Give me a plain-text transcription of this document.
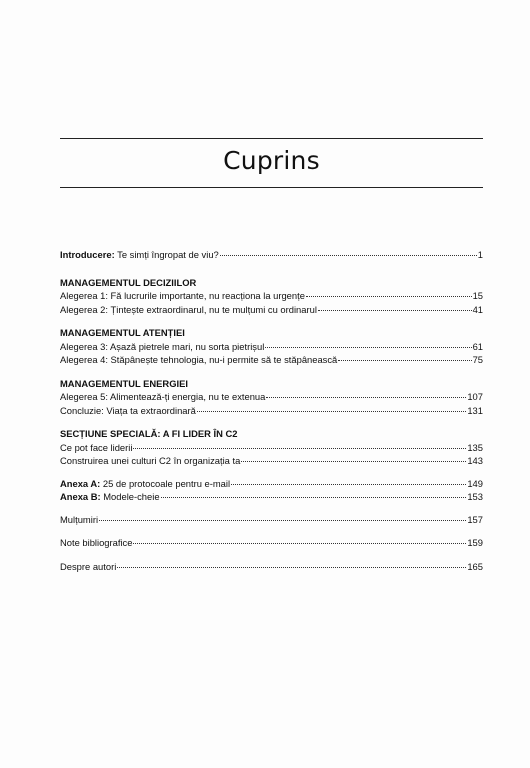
Cuprins
Introducere: Te simți îngropat de viu?	1
MANAGEMENTUL DECIZIILOR
Alegerea 1: Fă lucrurile importante, nu reacționa la urgențe	15
Alegerea 2: Țintește extraordinarul, nu te mulțumi cu ordinarul	41
MANAGEMENTUL ATENȚIEI
Alegerea 3: Așază pietrele mari, nu sorta pietrișul	61
Alegerea 4: Stăpânește tehnologia, nu-i permite să te stăpânească	75
MANAGEMENTUL ENERGIEI
Alegerea 5: Alimentează-ți energia, nu te extenua	107
Concluzie: Viața ta extraordinară	131
SECȚIUNE SPECIALĂ: A FI LIDER ÎN C2
Ce pot face liderii	135
Construirea unei culturi C2 în organizația ta	143
Anexa A: 25 de protocoale pentru e-mail	149
Anexa B: Modele-cheie	153
Mulțumiri	157
Note bibliografice	159
Despre autori	165
